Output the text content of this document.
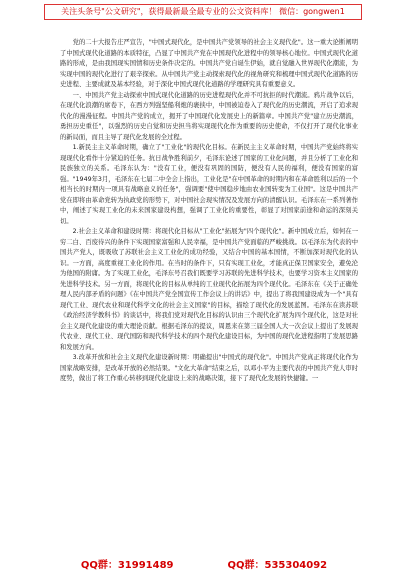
关注头条号"公文研究"，获得最新最全最专业的公文资料库！ 微信：gongwen1

党的二十大报告庄严宣告，"中国式现代化，是中国共产党领导的社会主义现代化"。这一重大论断阐明了中国式现代化道路的本质特征，凸显了中国共产党在中国现代化进程中的领导核心地位。中国式现代化道路的形成，是由我国现实国情和历史条件决定的。中国共产党自诞生伊始，就自觉融入世界现代化潮流，为实现中国的现代化进行了艰辛探索。从中国共产党主动探索现代化的视角研究和梳理中国式现代化道路的历史进程、主要成就及基本经验，对于深化中国式现代化道路的学理研究具有重要意义。

一、中国共产党主动探索中国式现代化道路的历史进程现代化并不可抗拒的时代潮流。鸦片战争以后，在现代化浪潮的席卷下，在西方列强坚船利炮的裹挟中，中国被迫卷入了现代化的历史潮流，开启了追求现代化的漫漫征程。中国共产党的成立，揭开了中国现代化发展史上的新篇章。中国共产党"建立历史潮流，勇担历史重任"，以强烈的历史自觉和历史担当将实现现代化作为重要的历史使命，不仅打开了现代化事业的新局面，而且主导了现代化发展的全过程。

1.新民主主义革命时期，确立了"工业化"的现代化目标。在新民主主义革命时期，中国共产党始终将实现现代化看作十分紧迫的任务。抗日战争胜利前夕，毛泽东论述了国家的工业化问题，并且分析了工业化和民族独立的关系。毛泽东认为："没有工业，便没有巩固的国防，便没有人民的福利，便没有国家的富强。"1949年3月，毛泽东在七届二中全会上指出，工业化是"在中国革命的时期内和在革命胜利以后的一个相当长的时期内一项具有战略意义的任务"，强调要"使中国稳步地由农业国转变为工业国"。这是中国共产党在即将由革命党转为执政党的形势下，对中国社会现实情况及发展方向的清醒认识。毛泽东在一系列著作中，阐述了实现工业化的未来国家建设构想，强调了工业化的重要性，彰显了对国家前途和命运的深刻关切。

2.社会主义革命和建设时期：将现代化目标从"工业化"拓展为"四个现代化"。新中国成立后，如何在一穷二白、百废待兴的条件下实现国家富强和人民幸福，是中国共产党面临的严峻挑战。以毛泽东为代表的中国共产党人，既吸收了苏联社会主义工业化的成功经验，又结合中国的基本国情，不断加深对现代化的认识。一方面，高度重视工业化的作用。在当时的条件下，只有实现工业化，才能真正保卫国家安全，避免沦为他国的附庸。为了实现工业化，毛泽东号召我们既要学习苏联的先进科学技术，也要学习资本主义国家的先进科学技术。另一方面，将现代化的目标从单纯的工业现代化拓展为四个现代化。毛泽东在《关于正确处理人民内部矛盾的问题》《在中国共产党全国宣传工作会议上的讲话》中，提出了将我国建设成为一个"具有现代工业、现代农业和现代科学文化的社会主义国家"的目标，描绘了现代化的发展蓝图。毛泽东在读苏联《政治经济学教科书》的谈话中，将我们党对现代化目标的认识由三个现代化扩展为四个现代化，这是对社会主义现代化建设的重大理论贡献。根据毛泽东的提议，周恩来在第三届全国人大一次会议上提出了发展现代农业、现代工业、现代国防和现代科学技术的四个现代化建设目标，为中国的现代化进程指明了发展思路和发展方向。

3.改革开放和社会主义现代化建设新时期：明确提出"中国式的现代化"。中国共产党真正将现代化作为国家战略安排，是改革开放的必然结果。"文化大革命"结束之后，以邓小平为主要代表的中国共产党人审时度势，做出了将工作重心转移到现代化建设上来的战略决策，接下了现代化发展的快捷键。一

QQ群：31991489	QQ群：535304092
